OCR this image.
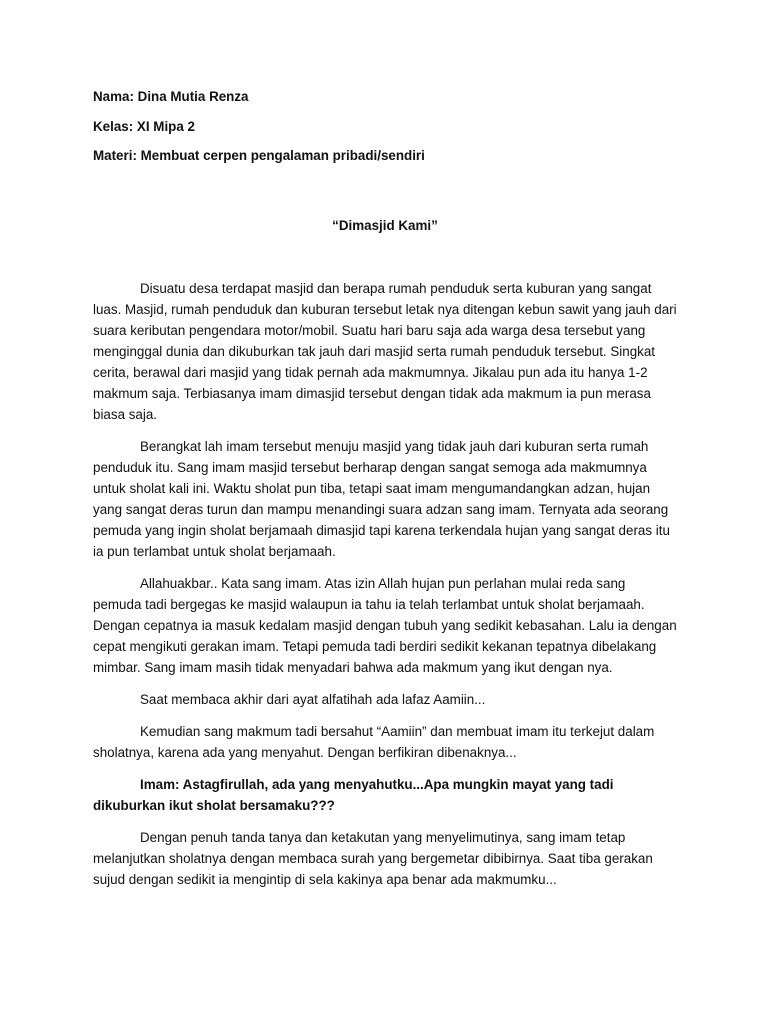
Nama: Dina Mutia Renza
Kelas: XI Mipa 2
Materi: Membuat cerpen pengalaman pribadi/sendiri
“Dimasjid Kami”

Disuatu desa terdapat masjid dan berapa rumah penduduk serta kuburan yang sangat luas. Masjid, rumah penduduk dan kuburan tersebut letak nya ditengan kebun sawit yang jauh dari suara keributan pengendara motor/mobil. Suatu hari baru saja ada warga desa tersebut yang menginggal dunia dan dikuburkan tak jauh dari masjid serta rumah penduduk tersebut. Singkat cerita, berawal dari masjid yang tidak pernah ada makmumnya. Jikalau pun ada itu hanya 1-2 makmum saja. Terbiasanya imam dimasjid tersebut dengan tidak ada makmum ia pun merasa biasa saja.

Berangkat lah imam tersebut menuju masjid yang tidak jauh dari kuburan serta rumah penduduk itu. Sang imam masjid tersebut berharap dengan sangat semoga ada makmumnya untuk sholat kali ini. Waktu sholat pun tiba, tetapi saat imam mengumandangkan adzan, hujan yang sangat deras turun dan mampu menandingi suara adzan sang imam. Ternyata ada seorang pemuda yang ingin sholat berjamaah dimasjid tapi karena terkendala hujan yang sangat deras itu ia pun terlambat untuk sholat berjamaah.

Allahuakbar.. Kata sang imam. Atas izin Allah hujan pun perlahan mulai reda sang pemuda tadi bergegas ke masjid walaupun ia tahu ia telah terlambat untuk sholat berjamaah. Dengan cepatnya ia masuk kedalam masjid dengan tubuh yang sedikit kebasahan. Lalu ia dengan cepat mengikuti gerakan imam. Tetapi pemuda tadi berdiri sedikit kekanan tepatnya dibelakang mimbar. Sang imam masih tidak menyadari bahwa ada makmum yang ikut dengan nya.

Saat membaca akhir dari ayat alfatihah ada lafaz Aamiin...

Kemudian sang makmum tadi bersahut “Aamiin” dan membuat imam itu terkejut dalam sholatnya, karena ada yang menyahut. Dengan berfikiran dibenaknya...

Imam: Astagfirullah, ada yang menyahutku...Apa mungkin mayat yang tadi dikuburkan ikut sholat bersamaku???

Dengan penuh tanda tanya dan ketakutan yang menyelimutinya, sang imam tetap melanjutkan sholatnya dengan membaca surah yang bergemetar dibibirnya. Saat tiba gerakan sujud dengan sedikit ia mengintip di sela kakinya apa benar ada makmumku...
